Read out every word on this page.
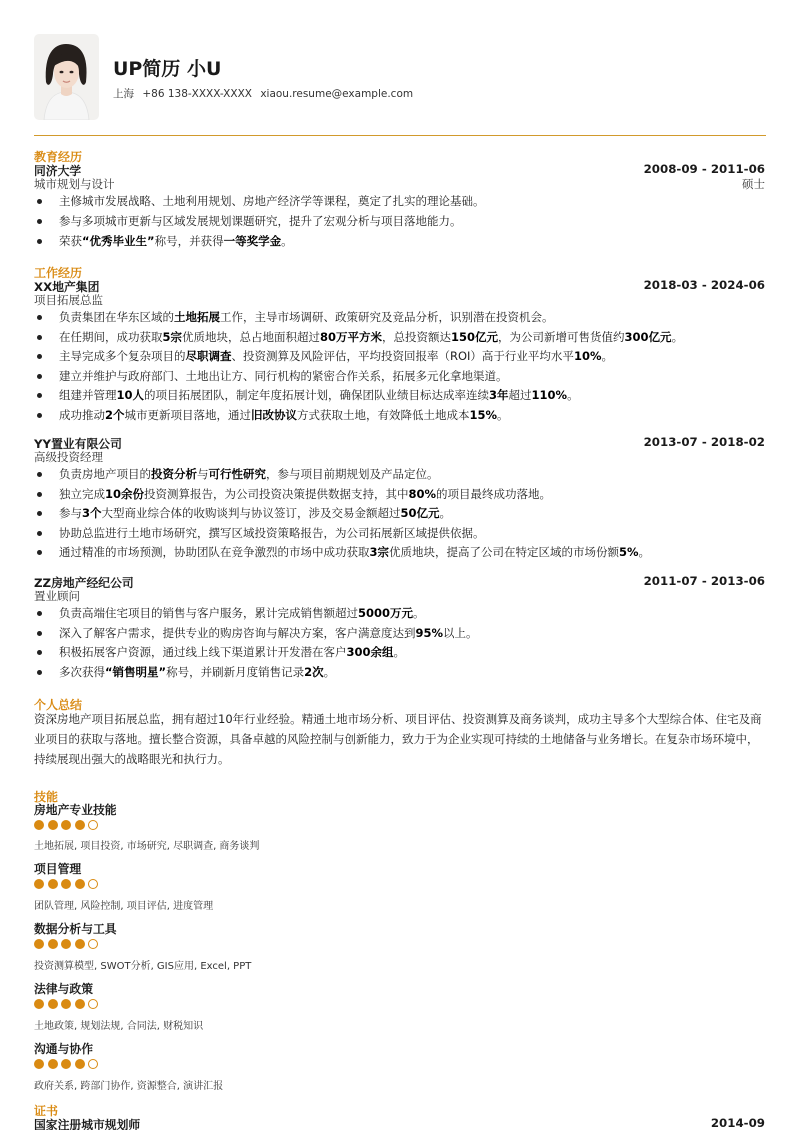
UP简历 小U
上海 +86 138-XXXX-XXXX xiaou.resume@example.com
教育经历
同济大学	2008-09 - 2011-06
城市规划与设计	硕士
主修城市发展战略、土地利用规划、房地产经济学等课程，奠定了扎实的理论基础。
参与多项城市更新与区域发展规划课题研究，提升了宏观分析与项目落地能力。
荣获“优秀毕业生”称号，并获得一等奖学金。
工作经历
XX地产集团	2018-03 - 2024-06
项目拓展总监
负责集团在华东区域的土地拓展工作，主导市场调研、政策研究及竞品分析，识别潜在投资机会。
在任期间，成功获取5宗优质地块，总占地面积超过80万平方米，总投资额达150亿元，为公司新增可售货值约300亿元。
主导完成多个复杂项目的尽职调查、投资测算及风险评估，平均投资回报率（ROI）高于行业平均水平10%。
建立并维护与政府部门、土地出让方、同行机构的紧密合作关系，拓展多元化拿地渠道。
组建并管理10人的项目拓展团队，制定年度拓展计划，确保团队业绩目标达成率连续3年超过110%。
成功推动2个城市更新项目落地，通过旧改协议方式获取土地，有效降低土地成本15%。
YY置业有限公司	2013-07 - 2018-02
高级投资经理
负责房地产项目的投资分析与可行性研究，参与项目前期规划及产品定位。
独立完成10余份投资测算报告，为公司投资决策提供数据支持，其中80%的项目最终成功落地。
参与3个大型商业综合体的收购谈判与协议签订，涉及交易金额超过50亿元。
协助总监进行土地市场研究，撰写区域投资策略报告，为公司拓展新区域提供依据。
通过精准的市场预测，协助团队在竞争激烈的市场中成功获取3宗优质地块，提高了公司在特定区域的市场份额5%。
ZZ房地产经纪公司	2011-07 - 2013-06
置业顾问
负责高端住宅项目的销售与客户服务，累计完成销售额超过5000万元。
深入了解客户需求，提供专业的购房咨询与解决方案，客户满意度达到95%以上。
积极拓展客户资源，通过线上线下渠道累计开发潜在客户300余组。
多次获得“销售明星”称号，并刷新月度销售记录2次。
个人总结
资深房地产项目拓展总监，拥有超过10年行业经验。精通土地市场分析、项目评估、投资测算及商务谈判，成功主导多个大型综合体、住宅及商业项目的获取与落地。擅长整合资源，具备卓越的风险控制与创新能力，致力于为企业实现可持续的土地储备与业务增长。在复杂市场环境中，持续展现出强大的战略眼光和执行力。
技能
房地产专业技能
土地拓展, 项目投资, 市场研究, 尽职调查, 商务谈判
项目管理
团队管理, 风险控制, 项目评估, 进度管理
数据分析与工具
投资测算模型, SWOT分析, GIS应用, Excel, PPT
法律与政策
土地政策, 规划法规, 合同法, 财税知识
沟通与协作
政府关系, 跨部门协作, 资源整合, 演讲汇报
证书
国家注册城市规划师	2014-09
